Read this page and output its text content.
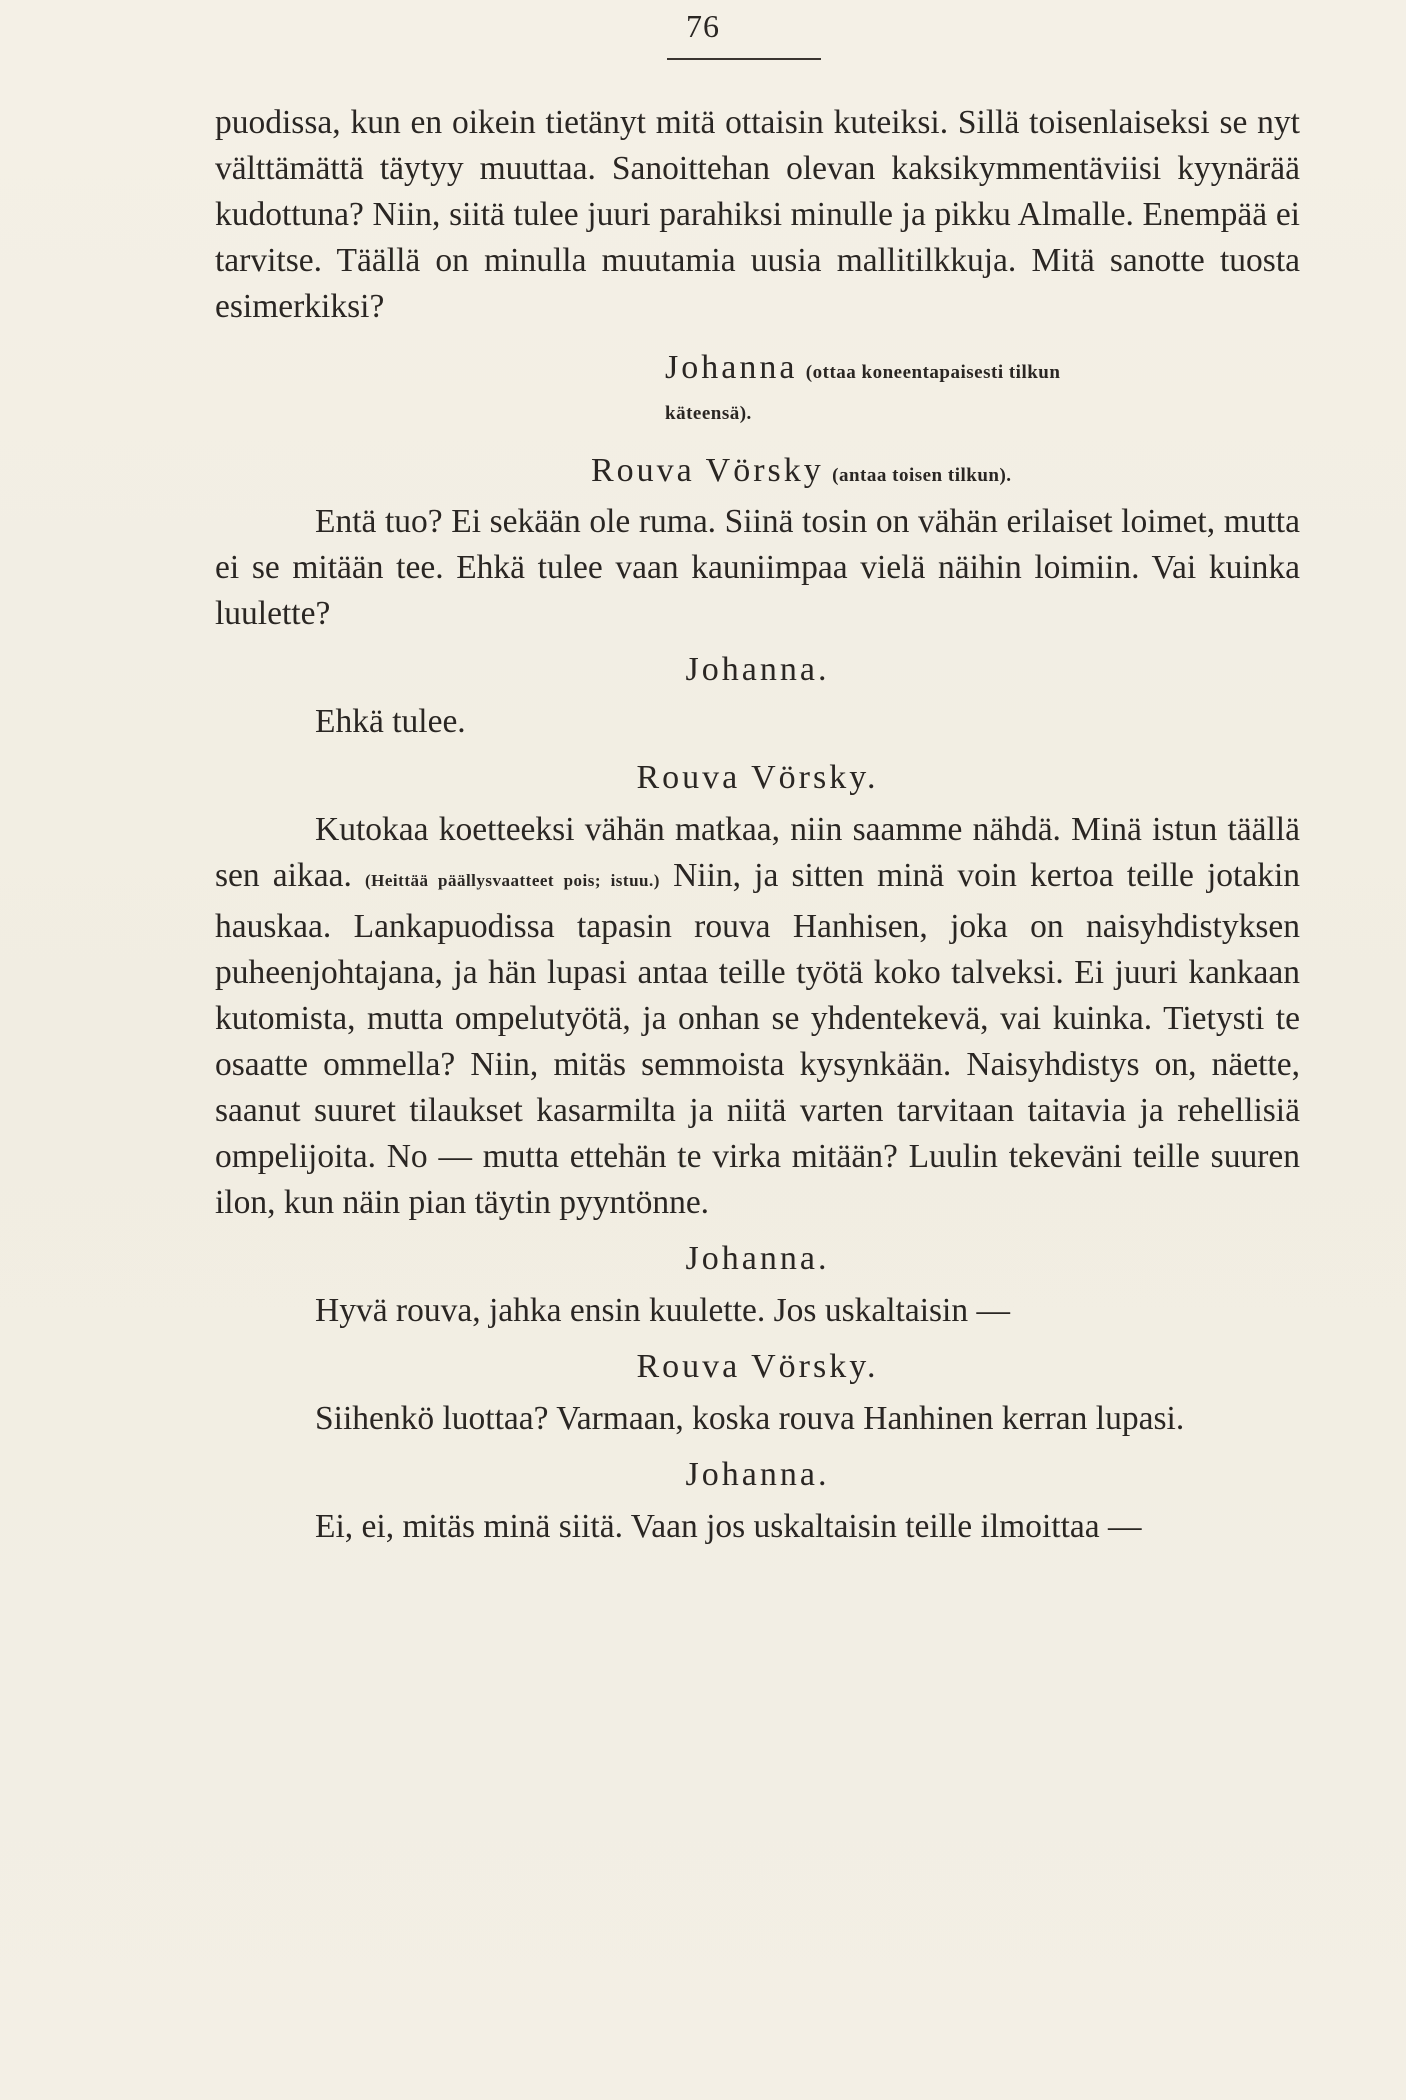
76

puodissa, kun en oikein tietänyt mitä ottaisin kuteiksi. Sillä toisenlaiseksi se nyt välttämättä täytyy muuttaa. Sanoittehan olevan kaksikymmentäviisi kyynärää kudottuna? Niin, siitä tulee juuri parahiksi minulle ja pikku Almalle. Enempää ei tarvitse. Täällä on minulla muutamia uusia mallitilkkuja. Mitä sanotte tuosta esimerkiksi?

Johanna (ottaa koneentapaisesti tilkun
käteensä).
Rouva Vörsky (antaa toisen tilkun).

Entä tuo? Ei sekään ole ruma. Siinä tosin on vähän erilaiset loimet, mutta ei se mitään tee. Ehkä tulee vaan kauniimpaa vielä näihin loimiin. Vai kuinka luulette?

Johanna.

Ehkä tulee.

Rouva Vörsky.

Kutokaa koetteeksi vähän matkaa, niin saamme nähdä. Minä istun täällä sen aikaa. (Heittää päällysvaatteet pois; istuu.) Niin, ja sitten minä voin kertoa teille jotakin hauskaa. Lankapuodissa tapasin rouva Hanhisen, joka on naisyhdistyksen puheenjohtajana, ja hän lupasi antaa teille työtä koko talveksi. Ei juuri kankaan kutomista, mutta ompelutyötä, ja onhan se yhdentekevä, vai kuinka. Tietysti te osaatte ommella? Niin, mitäs semmoista kysynkään. Naisyhdistys on, näette, saanut suuret tilaukset kasarmilta ja niitä varten tarvitaan taitavia ja rehellisiä ompelijoita. No — mutta ettehän te virka mitään? Luulin tekeväni teille suuren ilon, kun näin pian täytin pyyntönne.

Johanna.

Hyvä rouva, jahka ensin kuulette. Jos uskaltaisin —

Rouva Vörsky.

Siihenkö luottaa? Varmaan, koska rouva Hanhinen kerran lupasi.

Johanna.

Ei, ei, mitäs minä siitä. Vaan jos uskaltaisin teille ilmoittaa —
